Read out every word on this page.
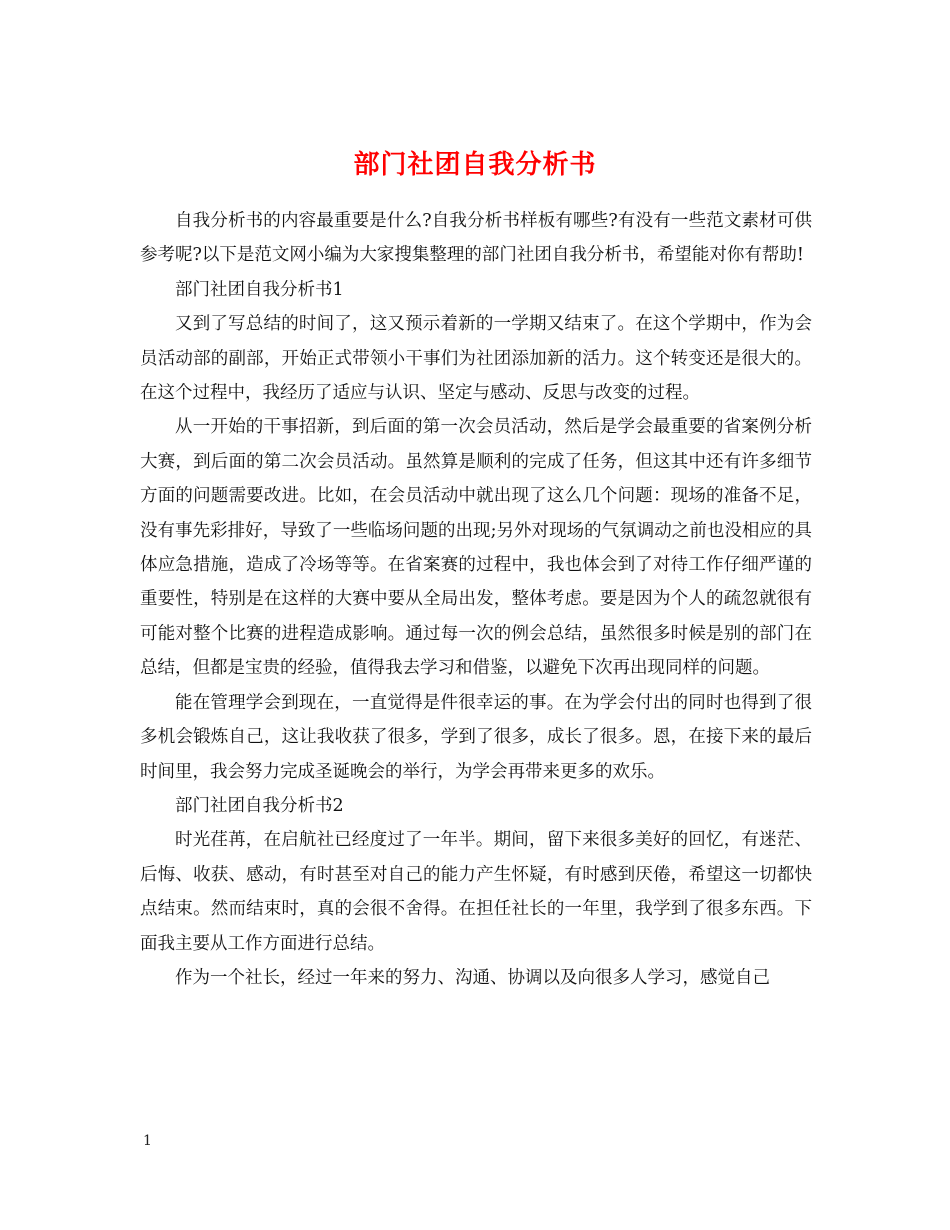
部门社团自我分析书

自我分析书的内容最重要是什么?自我分析书样板有哪些?有没有一些范文素材可供参考呢?以下是范文网小编为大家搜集整理的部门社团自我分析书，希望能对你有帮助!

部门社团自我分析书1

又到了写总结的时间了，这又预示着新的一学期又结束了。在这个学期中，作为会员活动部的副部，开始正式带领小干事们为社团添加新的活力。这个转变还是很大的。在这个过程中，我经历了适应与认识、坚定与感动、反思与改变的过程。

从一开始的干事招新，到后面的第一次会员活动，然后是学会最重要的省案例分析大赛，到后面的第二次会员活动。虽然算是顺利的完成了任务，但这其中还有许多细节方面的问题需要改进。比如，在会员活动中就出现了这么几个问题：现场的准备不足，没有事先彩排好，导致了一些临场问题的出现;另外对现场的气氛调动之前也没相应的具体应急措施，造成了冷场等等。在省案赛的过程中，我也体会到了对待工作仔细严谨的重要性，特别是在这样的大赛中要从全局出发，整体考虑。要是因为个人的疏忽就很有可能对整个比赛的进程造成影响。通过每一次的例会总结，虽然很多时候是别的部门在总结，但都是宝贵的经验，值得我去学习和借鉴，以避免下次再出现同样的问题。

能在管理学会到现在，一直觉得是件很幸运的事。在为学会付出的同时也得到了很多机会锻炼自己，这让我收获了很多，学到了很多，成长了很多。恩，在接下来的最后时间里，我会努力完成圣诞晚会的举行，为学会再带来更多的欢乐。

部门社团自我分析书2

时光荏苒，在启航社已经度过了一年半。期间，留下来很多美好的回忆，有迷茫、后悔、收获、感动，有时甚至对自己的能力产生怀疑，有时感到厌倦，希望这一切都快点结束。然而结束时，真的会很不舍得。在担任社长的一年里，我学到了很多东西。下面我主要从工作方面进行总结。

作为一个社长，经过一年来的努力、沟通、协调以及向很多人学习，感觉自己

1
